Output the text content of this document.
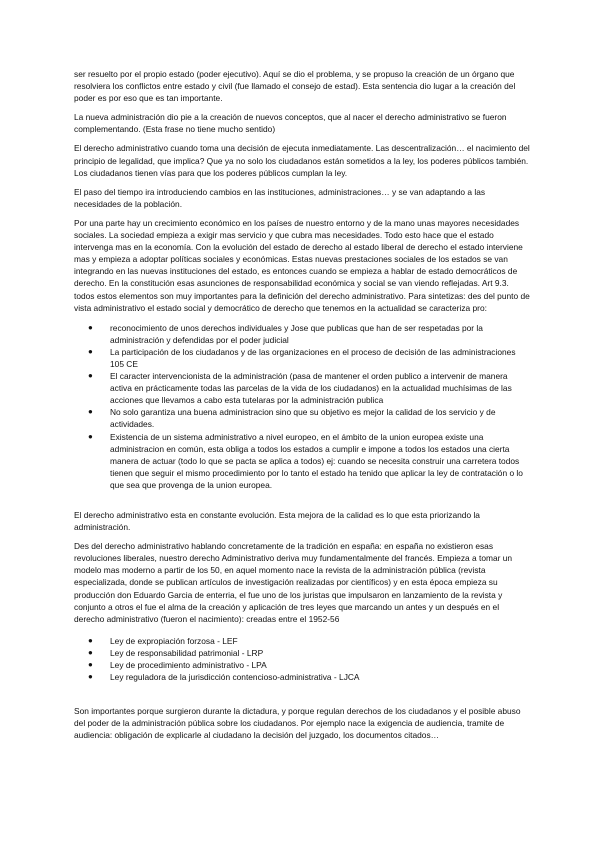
ser resuelto por el propio estado (poder ejecutivo). Aquí se dio el problema, y se propuso la creación de un órgano que resolviera los conflictos entre estado y civil (fue llamado el consejo de estad). Esta sentencia dio lugar a la creación del poder es por eso que es tan importante.

La nueva administración dio pie a la creación de nuevos conceptos, que al nacer el derecho administrativo se fueron complementando. (Esta frase no tiene mucho sentido)

El derecho administrativo cuando toma una decisión de ejecuta inmediatamente. Las descentralización… el nacimiento del principio de legalidad, que implica? Que ya no solo los ciudadanos están sometidos a la ley, los poderes públicos también. Los ciudadanos tienen vías para que los poderes públicos cumplan la ley.

El paso del tiempo ira introduciendo cambios en las instituciones, administraciones… y se van adaptando a las necesidades de la población.

Por una parte hay un crecimiento económico en los países de nuestro entorno y de la mano unas mayores necesidades sociales. La sociedad empieza a exigir mas servicio y que cubra mas necesidades. Todo esto hace que el estado intervenga mas en la economía. Con la evolución del estado de derecho al estado liberal de derecho el estado interviene mas y empieza a adoptar políticas sociales y económicas. Estas nuevas prestaciones sociales de los estados se van integrando en las nuevas instituciones del estado, es entonces cuando se empieza a hablar de estado democráticos de derecho. En la constitución esas asunciones de responsabilidad económica y social se van viendo reflejadas. Art 9.3. todos estos elementos son muy importantes para la definición del derecho administrativo. Para sintetizas: des del punto de vista administrativo el estado social y democrático de derecho que tenemos en la actualidad se caracteriza pro:

● reconocimiento de unos derechos individuales y Jose que publicas que han de ser respetadas por la administración y defendidas por el poder judicial
● La participación de los ciudadanos y de las organizaciones en el proceso de decisión de las administraciones 105 CE
● El caracter intervencionista de la administración (pasa de mantener el orden publico a intervenir de manera activa en prácticamente todas las parcelas de la vida de los ciudadanos) en la actualidad muchísimas de las acciones que llevamos a cabo esta tutelaras por la administración publica
● No solo garantiza una buena administracion sino que su objetivo es mejor la calidad de los servicio y de actividades.
● Existencia de un sistema administrativo a nivel europeo, en el ámbito de la union europea existe una administracion en común, esta obliga a todos los estados a cumplir e impone a todos los estados una cierta manera de actuar (todo lo que se pacta se aplica a todos) ej: cuando se necesita construir una carretera todos tienen que seguir el mismo procedimiento por lo tanto el estado ha tenido que aplicar la ley de contratación o lo que sea que provenga de la union europea.

El derecho administrativo esta en constante evolución. Esta mejora de la calidad es lo que esta priorizando la administración.

Des del derecho administrativo hablando concretamente de la tradición en españa: en españa no existieron esas revoluciones liberales, nuestro derecho Administrativo deriva muy fundamentalmente del francés. Empieza a tomar un modelo mas moderno a partir de los 50, en aquel momento nace la revista de la administración pública (revista especializada, donde se publican artículos de investigación realizadas por científicos) y en esta época empieza su producción don Eduardo Garcia de enterria, el fue uno de los juristas que impulsaron en lanzamiento de la revista y conjunto a otros el fue el alma de la creación y aplicación de tres leyes que marcando un antes y un después en el derecho administrativo (fueron el nacimiento): creadas entre el 1952-56

● Ley de expropiación forzosa - LEF
● Ley de responsabilidad patrimonial - LRP
● Ley de procedimiento administrativo - LPA
● Ley reguladora de la jurisdicción contencioso-administrativa - LJCA

Son importantes porque surgieron durante la dictadura, y porque regulan derechos de los ciudadanos y el posible abuso del poder de la administración pública sobre los ciudadanos. Por ejemplo nace la exigencia de audiencia, tramite de audiencia: obligación de explicarle al ciudadano la decisión del juzgado, los documentos citados…
